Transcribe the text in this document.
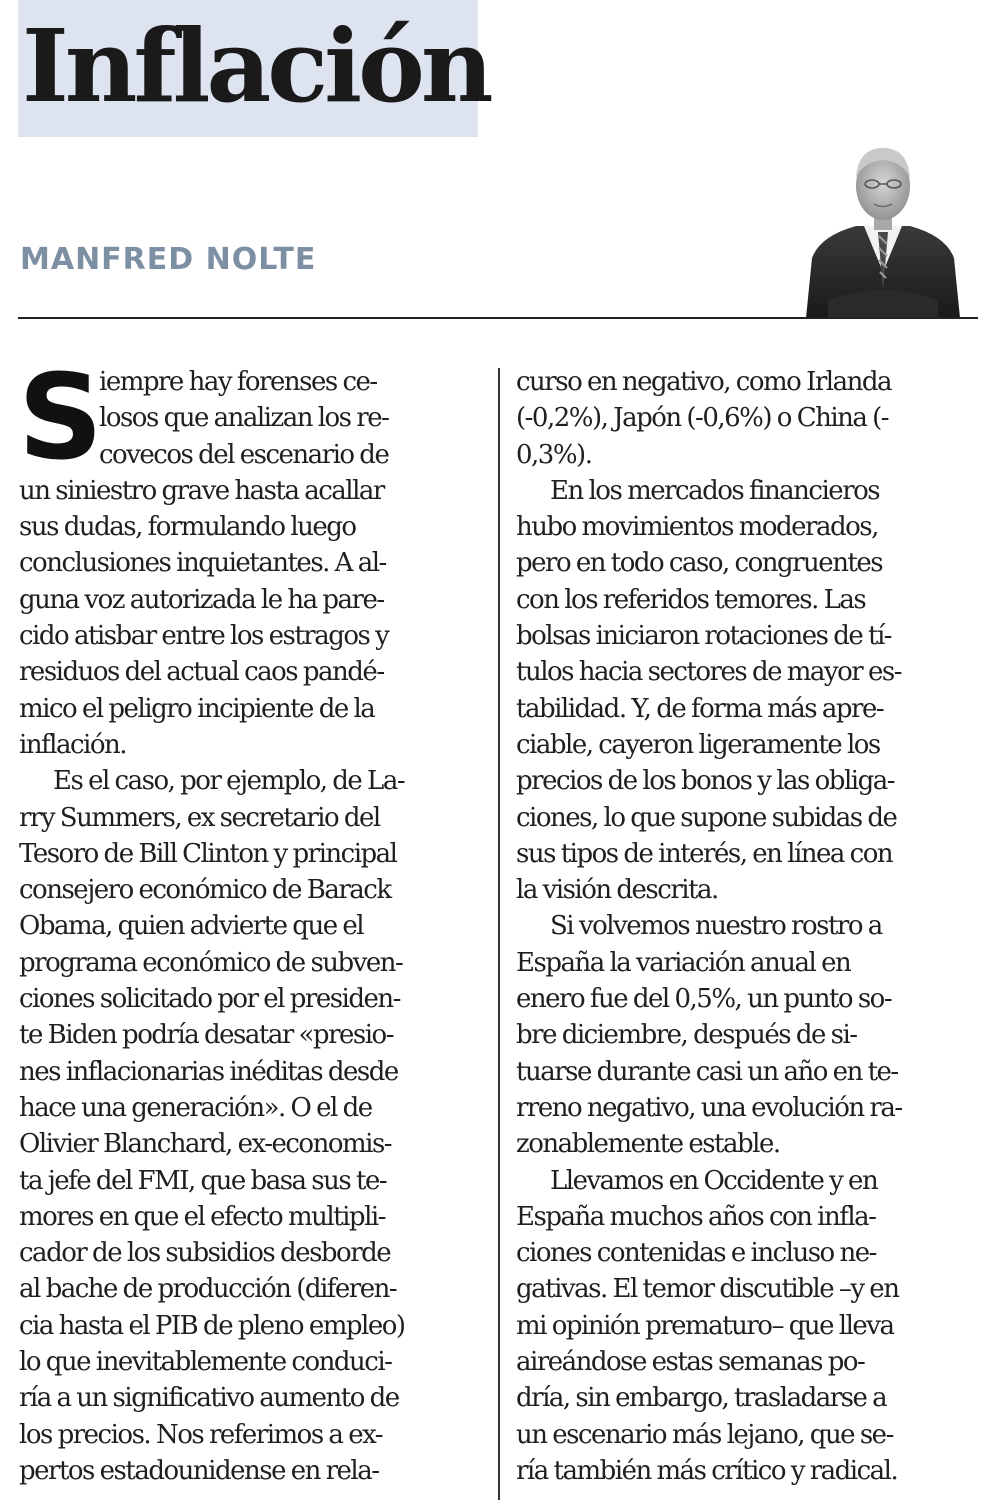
Inflación
MANFRED NOLTE
S
iempre hay forenses ce-
losos que analizan los re-
covecos del escenario de
un siniestro grave hasta acallar
sus dudas, formulando luego
conclusiones inquietantes. A al-
guna voz autorizada le ha pare-
cido atisbar entre los estragos y
residuos del actual caos pandé-
mico el peligro incipiente de la
inflación.
Es el caso, por ejemplo, de La-
rry Summers, ex secretario del
Tesoro de Bill Clinton y principal
consejero económico de Barack
Obama, quien advierte que el
programa económico de subven-
ciones solicitado por el presiden-
te Biden podría desatar «presio-
nes inflacionarias inéditas desde
hace una generación». O el de
Olivier Blanchard, ex-economis-
ta jefe del FMI, que basa sus te-
mores en que el efecto multipli-
cador de los subsidios desborde
al bache de producción (diferen-
cia hasta el PIB de pleno empleo)
lo que inevitablemente conduci-
ría a un significativo aumento de
los precios. Nos referimos a ex-
pertos estadounidense en rela-
curso en negativo, como Irlanda
(-0,2%), Japón (-0,6%) o China (-
0,3%).
En los mercados financieros
hubo movimientos moderados,
pero en todo caso, congruentes
con los referidos temores. Las
bolsas iniciaron rotaciones de tí-
tulos hacia sectores de mayor es-
tabilidad. Y, de forma más apre-
ciable, cayeron ligeramente los
precios de los bonos y las obliga-
ciones, lo que supone subidas de
sus tipos de interés, en línea con
la visión descrita.
Si volvemos nuestro rostro a
España la variación anual en
enero fue del 0,5%, un punto so-
bre diciembre, después de si-
tuarse durante casi un año en te-
rreno negativo, una evolución ra-
zonablemente estable.
Llevamos en Occidente y en
España muchos años con infla-
ciones contenidas e incluso ne-
gativas. El temor discutible –y en
mi opinión prematuro– que lleva
aireándose estas semanas po-
dría, sin embargo, trasladarse a
un escenario más lejano, que se-
ría también más crítico y radical.
